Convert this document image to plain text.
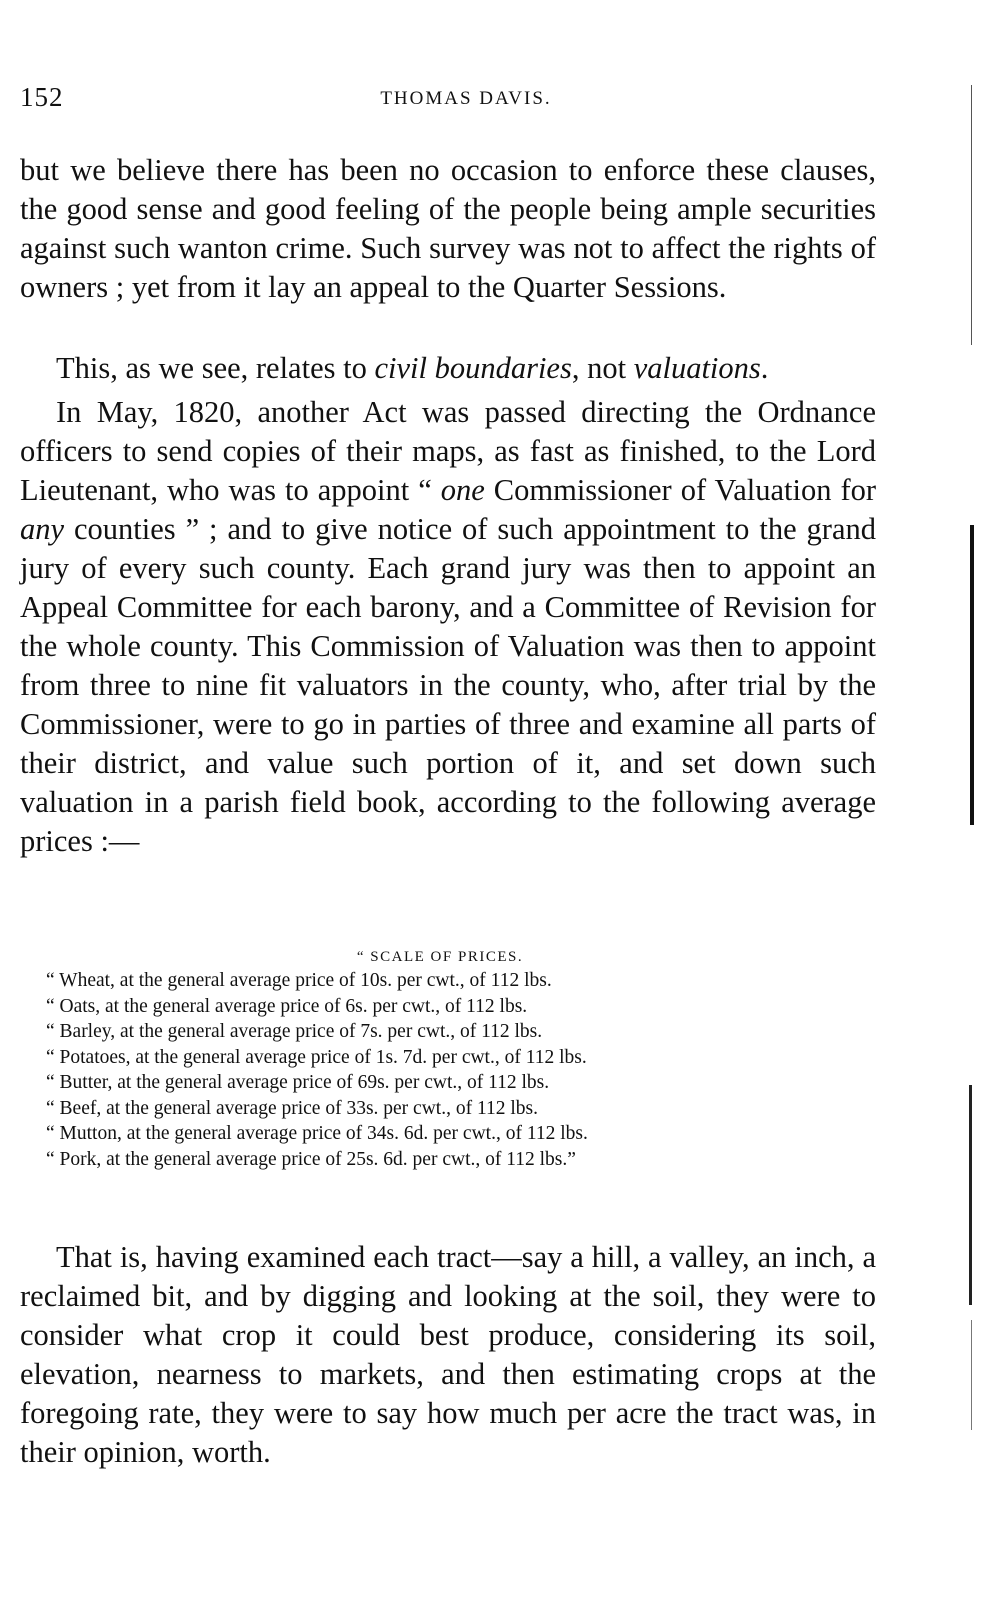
152	THOMAS DAVIS.

but we believe there has been no occasion to enforce these clauses, the good sense and good feeling of the people being ample securities against such wanton crime. Such survey was not to affect the rights of owners ; yet from it lay an appeal to the Quarter Sessions.

This, as we see, relates to civil boundaries, not valuations.

In May, 1820, another Act was passed directing the Ordnance officers to send copies of their maps, as fast as finished, to the Lord Lieutenant, who was to appoint “ one Commissioner of Valuation for any counties ” ; and to give notice of such appointment to the grand jury of every such county. Each grand jury was then to appoint an Appeal Committee for each barony, and a Committee of Revision for the whole county. This Commission of Valuation was then to appoint from three to nine fit valuators in the county, who, after trial by the Commissioner, were to go in parties of three and examine all parts of their district, and value such portion of it, and set down such valuation in a parish field book, according to the following average prices :—

“ SCALE OF PRICES.

“ Wheat, at the general average price of 10s. per cwt., of 112 lbs.

“ Oats, at the general average price of 6s. per cwt., of 112 lbs.

“ Barley, at the general average price of 7s. per cwt., of 112 lbs.

“ Potatoes, at the general average price of 1s. 7d. per cwt., of 112 lbs.

“ Butter, at the general average price of 69s. per cwt., of 112 lbs.

“ Beef, at the general average price of 33s. per cwt., of 112 lbs.

“ Mutton, at the general average price of 34s. 6d. per cwt., of 112 lbs.

“ Pork, at the general average price of 25s. 6d. per cwt., of 112 lbs.”

That is, having examined each tract—say a hill, a valley, an inch, a reclaimed bit, and by digging and looking at the soil, they were to consider what crop it could best produce, considering its soil, elevation, nearness to markets, and then estimating crops at the foregoing rate, they were to say how much per acre the tract was, in their opinion, worth.
